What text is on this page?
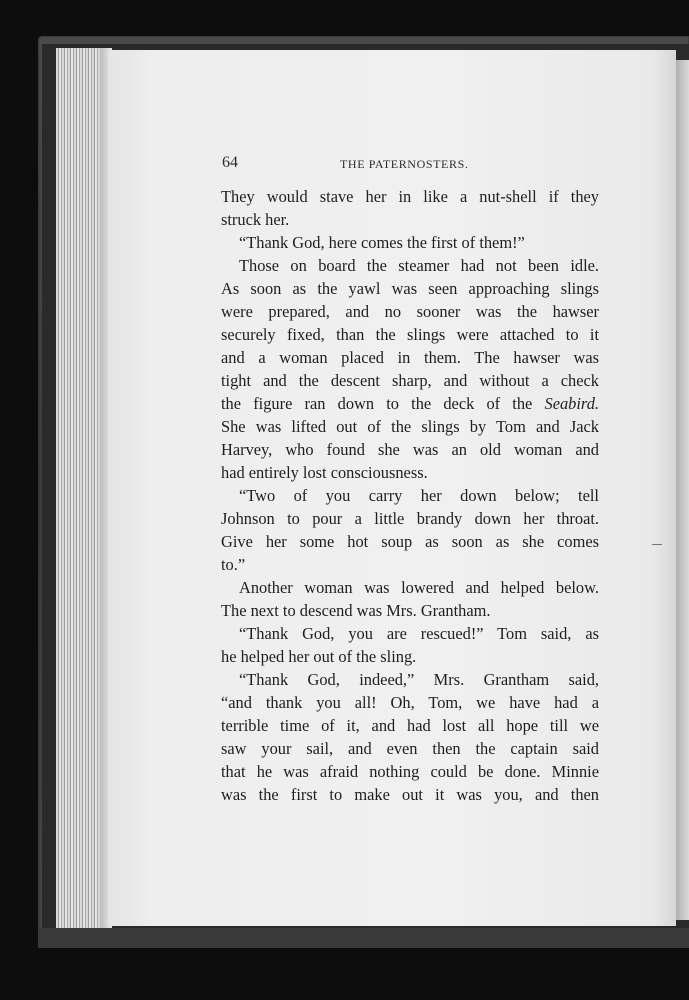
64	THE PATERNOSTERS.
They would stave her in like a nut-shell if they
struck her.
“Thank God, here comes the first of them!”
Those on board the steamer had not been idle.
As soon as the yawl was seen approaching slings
were prepared, and no sooner was the hawser
securely fixed, than the slings were attached to it
and a woman placed in them. The hawser was
tight and the descent sharp, and without a check
the figure ran down to the deck of the Seabird.
She was lifted out of the slings by Tom and Jack
Harvey, who found she was an old woman and
had entirely lost consciousness.
“Two of you carry her down below; tell
Johnson to pour a little brandy down her throat.
Give her some hot soup as soon as she comes
to.”
Another woman was lowered and helped below.
The next to descend was Mrs. Grantham.
“Thank God, you are rescued!” Tom said, as
he helped her out of the sling.
“Thank God, indeed,” Mrs. Grantham said,
“and thank you all! Oh, Tom, we have had a
terrible time of it, and had lost all hope till we
saw your sail, and even then the captain said
that he was afraid nothing could be done. Minnie
was the first to make out it was you, and then
